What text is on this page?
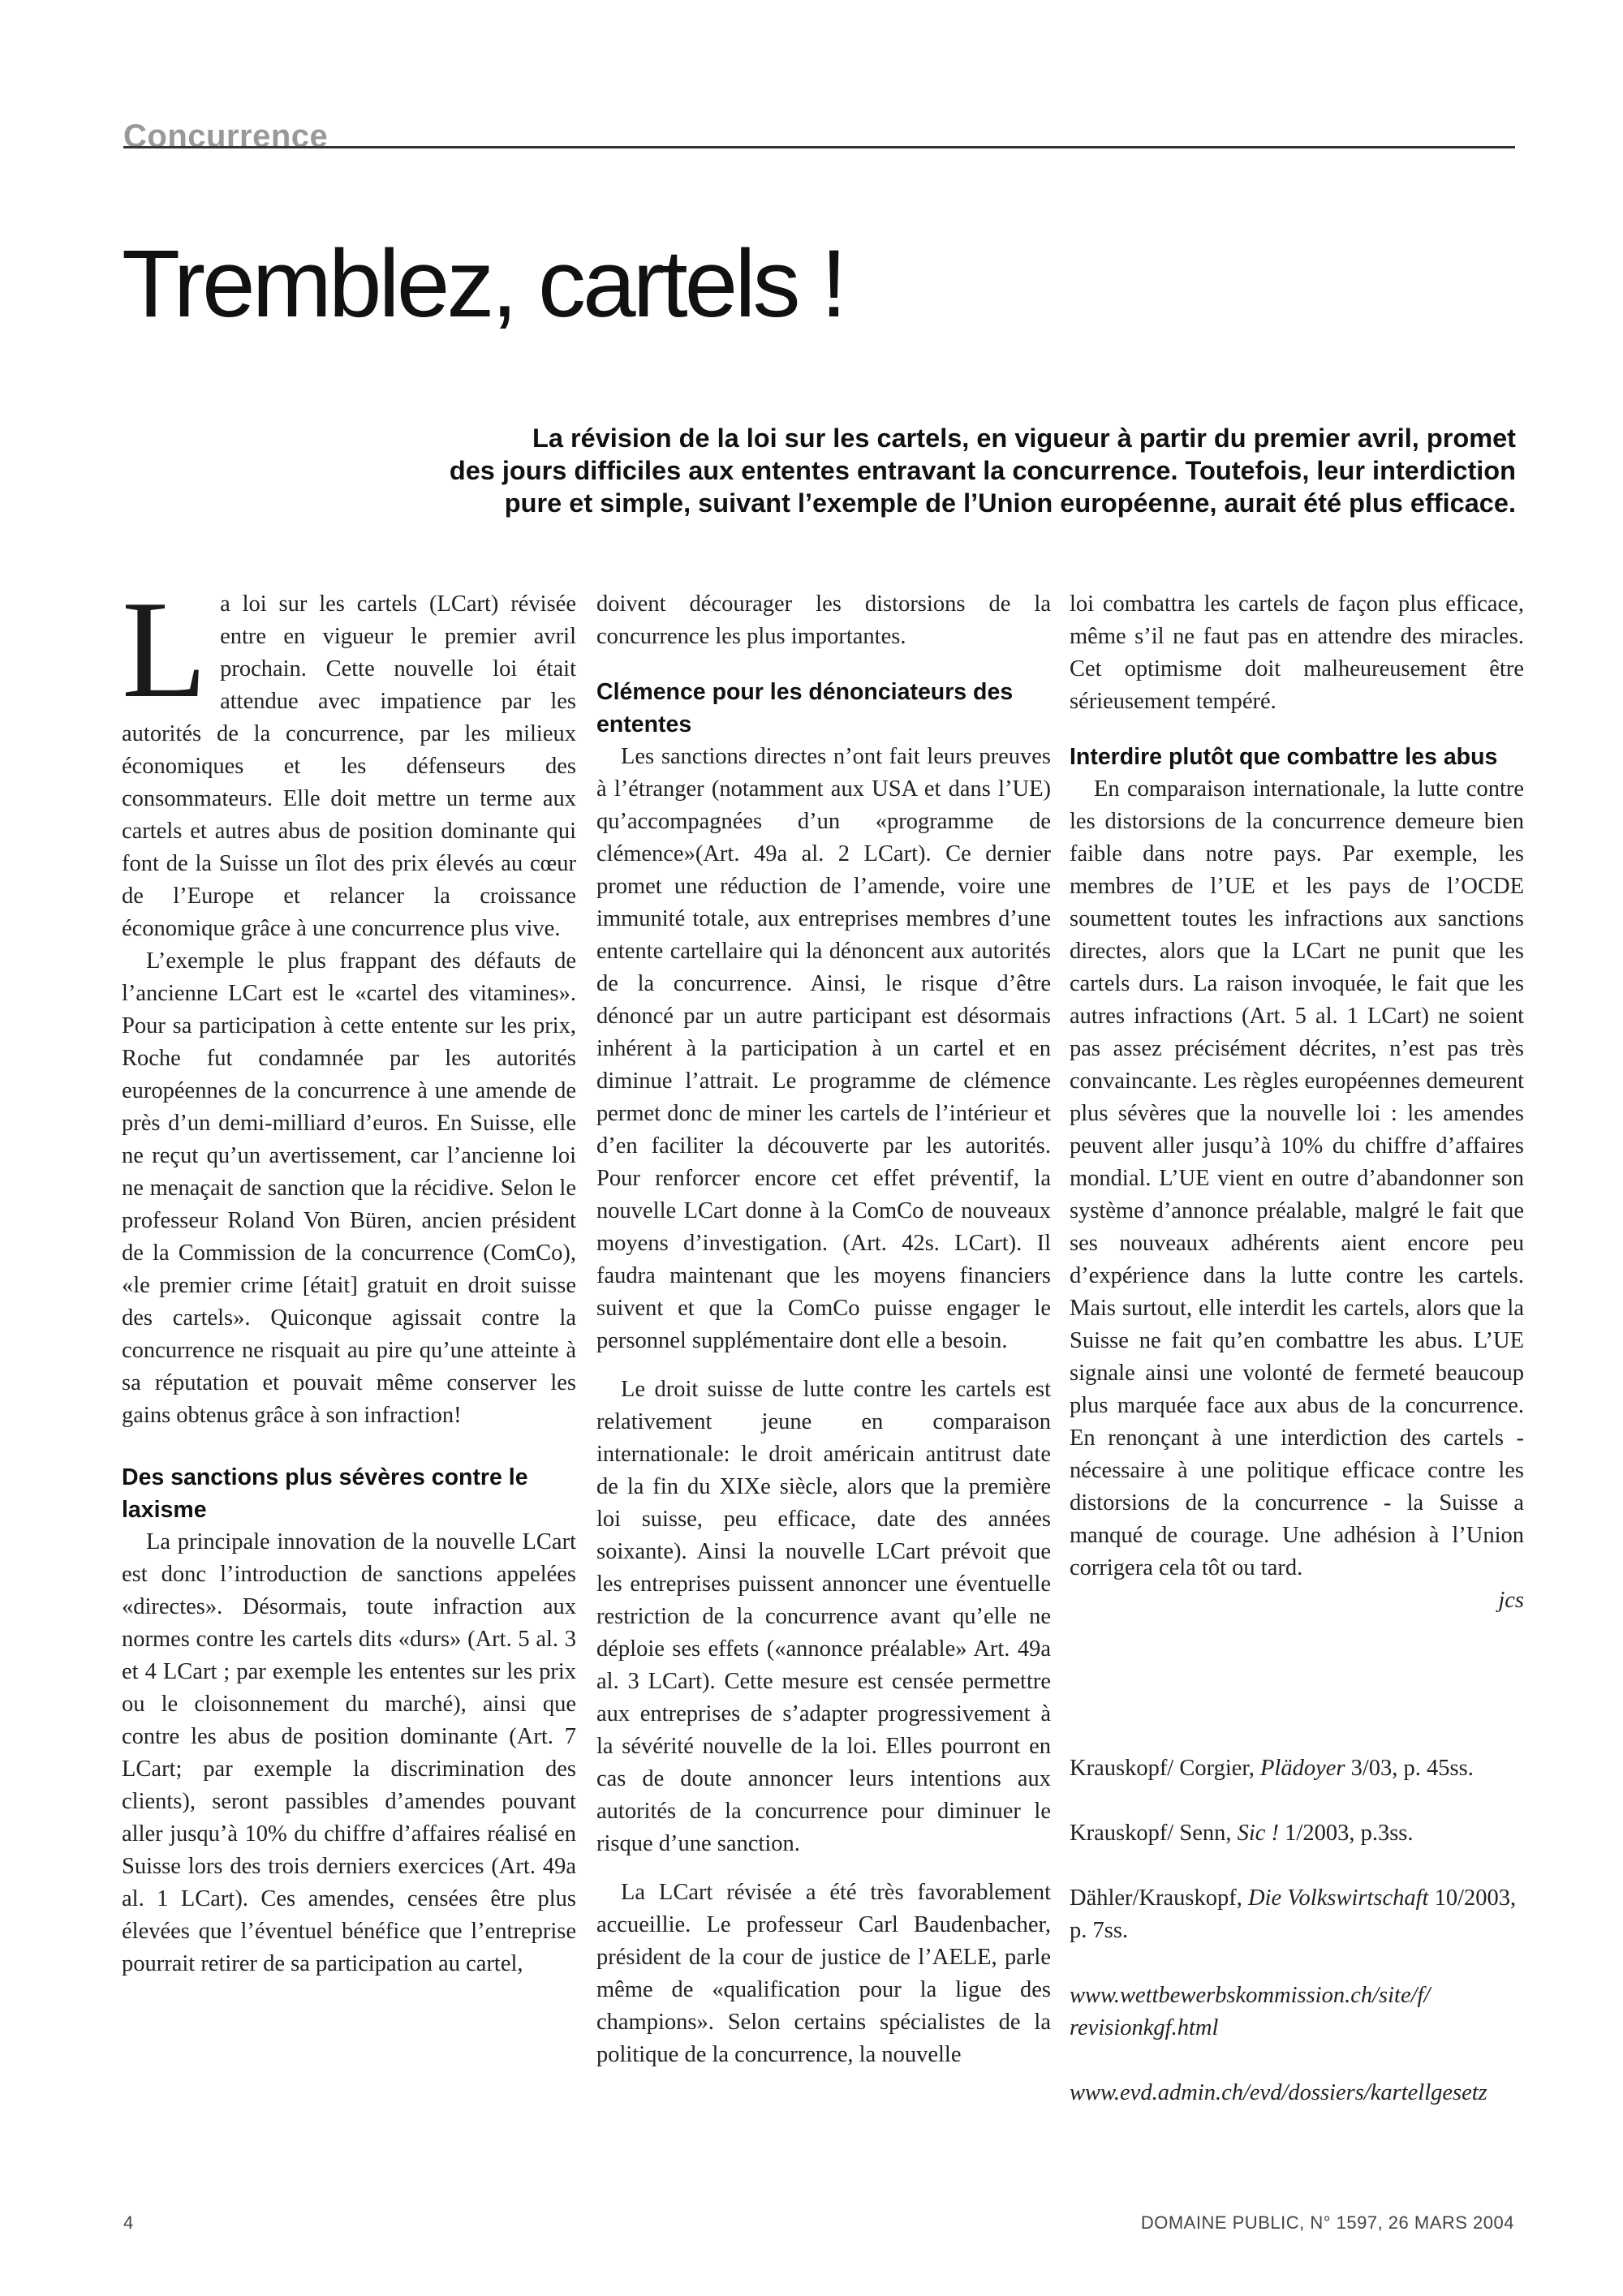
Concurrence
Tremblez, cartels !
La révision de la loi sur les cartels, en vigueur à partir du premier avril, promet
des jours difficiles aux ententes entravant la concurrence. Toutefois, leur interdiction
pure et simple, suivant l’exemple de l’Union européenne, aurait été plus efficace.

La loi sur les cartels (LCart) révisée entre en vigueur le premier avril prochain. Cette nouvelle loi était attendue avec impatience par les autorités de la concurrence, par les milieux économiques et les défenseurs des consommateurs. Elle doit mettre un terme aux cartels et autres abus de position dominante qui font de la Suisse un îlot des prix élevés au cœur de l’Europe et relancer la croissance économique grâce à une concurrence plus vive.

L’exemple le plus frappant des défauts de l’ancienne LCart est le «cartel des vitamines». Pour sa participation à cette entente sur les prix, Roche fut condamnée par les autorités européennes de la concurrence à une amende de près d’un demi-milliard d’euros. En Suisse, elle ne reçut qu’un avertissement, car l’ancienne loi ne menaçait de sanction que la récidive. Selon le professeur Roland Von Büren, ancien président de la Commission de la concurrence (ComCo), «le premier crime [était] gratuit en droit suisse des cartels». Quiconque agissait contre la concurrence ne risquait au pire qu’une atteinte à sa réputation et pouvait même conserver les gains obtenus grâce à son infraction!

Des sanctions plus sévères contre le laxisme

La principale innovation de la nouvelle LCart est donc l’introduction de sanctions appelées «directes». Désormais, toute infraction aux normes contre les cartels dits «durs» (Art. 5 al. 3 et 4 LCart ; par exemple les ententes sur les prix ou le cloisonnement du marché), ainsi que contre les abus de position dominante (Art. 7 LCart; par exemple la discrimination des clients), seront passibles d’amendes pouvant aller jusqu’à 10% du chiffre d’affaires réalisé en Suisse lors des trois derniers exercices (Art. 49a al. 1 LCart). Ces amendes, censées être plus élevées que l’éventuel bénéfice que l’entreprise pourrait retirer de sa participation au cartel,

doivent décourager les distorsions de la concurrence les plus importantes.

Clémence pour les dénonciateurs des ententes

Les sanctions directes n’ont fait leurs preuves à l’étranger (notamment aux USA et dans l’UE) qu’accompagnées d’un «programme de clémence»(Art. 49a al. 2 LCart). Ce dernier promet une réduction de l’amende, voire une immunité totale, aux entreprises membres d’une entente cartellaire qui la dénoncent aux autorités de la concurrence. Ainsi, le risque d’être dénoncé par un autre participant est désormais inhérent à la participation à un cartel et en diminue l’attrait. Le programme de clémence permet donc de miner les cartels de l’intérieur et d’en faciliter la découverte par les autorités. Pour renforcer encore cet effet préventif, la nouvelle LCart donne à la ComCo de nouveaux moyens d’investigation. (Art. 42s. LCart). Il faudra maintenant que les moyens financiers suivent et que la ComCo puisse engager le personnel supplémentaire dont elle a besoin.

Le droit suisse de lutte contre les cartels est relativement jeune en comparaison internationale: le droit américain antitrust date de la fin du XIXe siècle, alors que la première loi suisse, peu efficace, date des années soixante). Ainsi la nouvelle LCart prévoit que les entreprises puissent annoncer une éventuelle restriction de la concurrence avant qu’elle ne déploie ses effets («annonce préalable» Art. 49a al. 3 LCart). Cette mesure est censée permettre aux entreprises de s’adapter progressivement à la sévérité nouvelle de la loi. Elles pourront en cas de doute annoncer leurs intentions aux autorités de la concurrence pour diminuer le risque d’une sanction.

La LCart révisée a été très favorablement accueillie. Le professeur Carl Baudenbacher, président de la cour de justice de l’AELE, parle même de «qualification pour la ligue des champions». Selon certains spécialistes de la politique de la concurrence, la nouvelle

loi combattra les cartels de façon plus efficace, même s’il ne faut pas en attendre des miracles. Cet optimisme doit malheureusement être sérieusement tempéré.

Interdire plutôt que combattre les abus

En comparaison internationale, la lutte contre les distorsions de la concurrence demeure bien faible dans notre pays. Par exemple, les membres de l’UE et les pays de l’OCDE soumettent toutes les infractions aux sanctions directes, alors que la LCart ne punit que les cartels durs. La raison invoquée, le fait que les autres infractions (Art. 5 al. 1 LCart) ne soient pas assez précisément décrites, n’est pas très convaincante. Les règles européennes demeurent plus sévères que la nouvelle loi : les amendes peuvent aller jusqu’à 10% du chiffre d’affaires mondial. L’UE vient en outre d’abandonner son système d’annonce préalable, malgré le fait que ses nouveaux adhérents aient encore peu d’expérience dans la lutte contre les cartels. Mais surtout, elle interdit les cartels, alors que la Suisse ne fait qu’en combattre les abus. L’UE signale ainsi une volonté de fermeté beaucoup plus marquée face aux abus de la concurrence. En renonçant à une interdiction des cartels - nécessaire à une politique efficace contre les distorsions de la concurrence - la Suisse a manqué de courage. Une adhésion à l’Union corrigera cela tôt ou tard.

jcs

Krauskopf/ Corgier, Plädoyer 3/03, p. 45ss.

Krauskopf/ Senn, Sic ! 1/2003, p.3ss.

Dähler/Krauskopf, Die Volkswirtschaft 10/2003, p. 7ss.

www.wettbewerbskommission.ch/site/f/
revisionkgf.html

www.evd.admin.ch/evd/dossiers/kartellgesetz

4	DOMAINE PUBLIC, N° 1597, 26 MARS 2004
